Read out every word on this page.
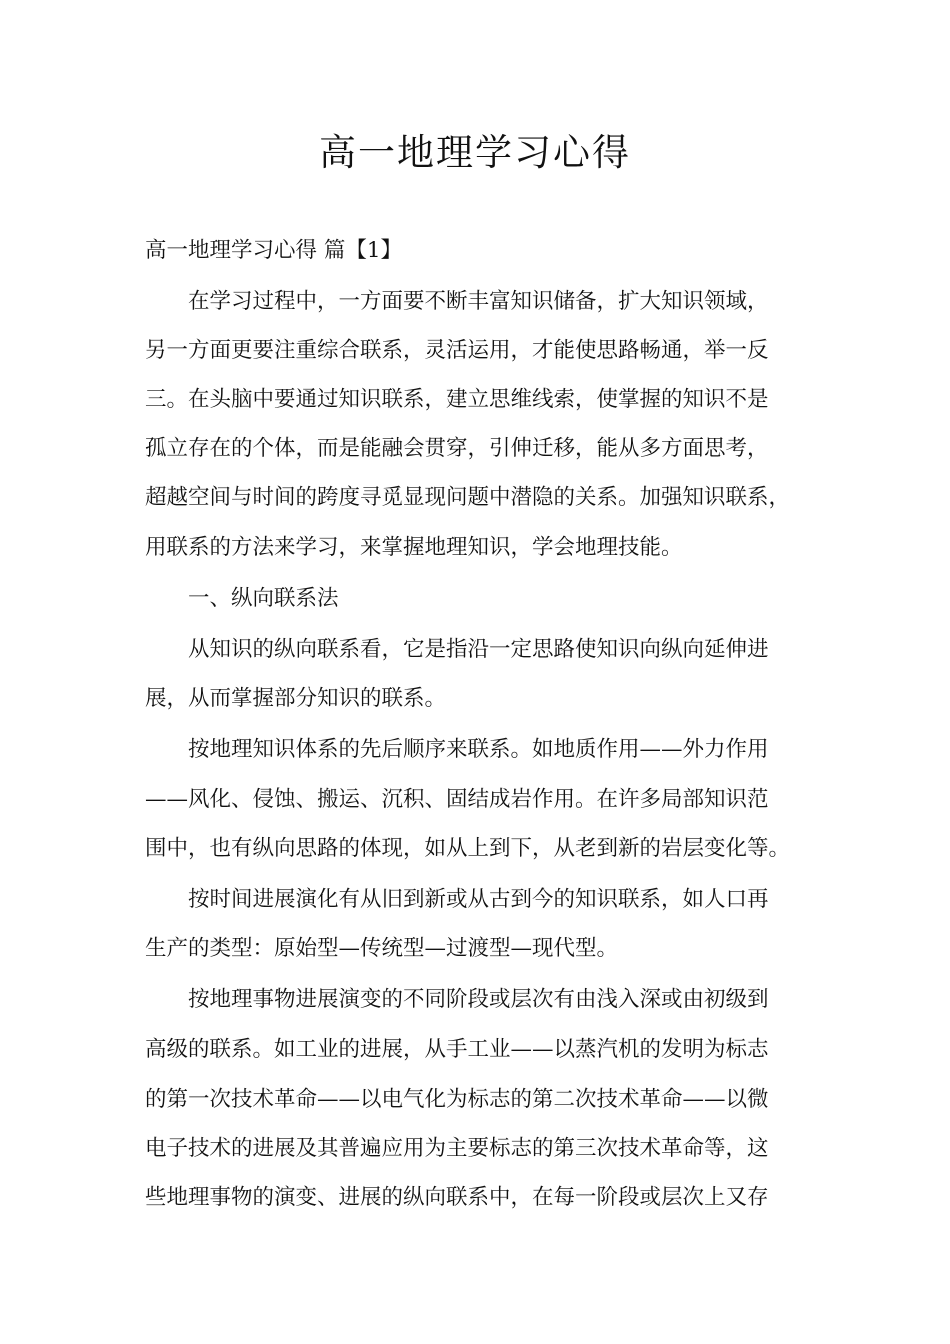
高一地理学习心得

高一地理学习心得 篇【1】

在学习过程中，一方面要不断丰富知识储备，扩大知识领域，

另一方面更要注重综合联系，灵活运用，才能使思路畅通，举一反

三。在头脑中要通过知识联系，建立思维线索，使掌握的知识不是

孤立存在的个体，而是能融会贯穿，引伸迁移，能从多方面思考，

超越空间与时间的跨度寻觅显现问题中潜隐的关系。加强知识联系，

用联系的方法来学习，来掌握地理知识，学会地理技能。

一、纵向联系法

从知识的纵向联系看，它是指沿一定思路使知识向纵向延伸进

展，从而掌握部分知识的联系。

按地理知识体系的先后顺序来联系。如地质作用——外力作用

——风化、侵蚀、搬运、沉积、固结成岩作用。在许多局部知识范

围中，也有纵向思路的体现，如从上到下，从老到新的岩层变化等。

按时间进展演化有从旧到新或从古到今的知识联系，如人口再

生产的类型：原始型—传统型—过渡型—现代型。

按地理事物进展演变的不同阶段或层次有由浅入深或由初级到

高级的联系。如工业的进展，从手工业——以蒸汽机的发明为标志

的第一次技术革命——以电气化为标志的第二次技术革命——以微

电子技术的进展及其普遍应用为主要标志的第三次技术革命等，这

些地理事物的演变、进展的纵向联系中，在每一阶段或层次上又存
